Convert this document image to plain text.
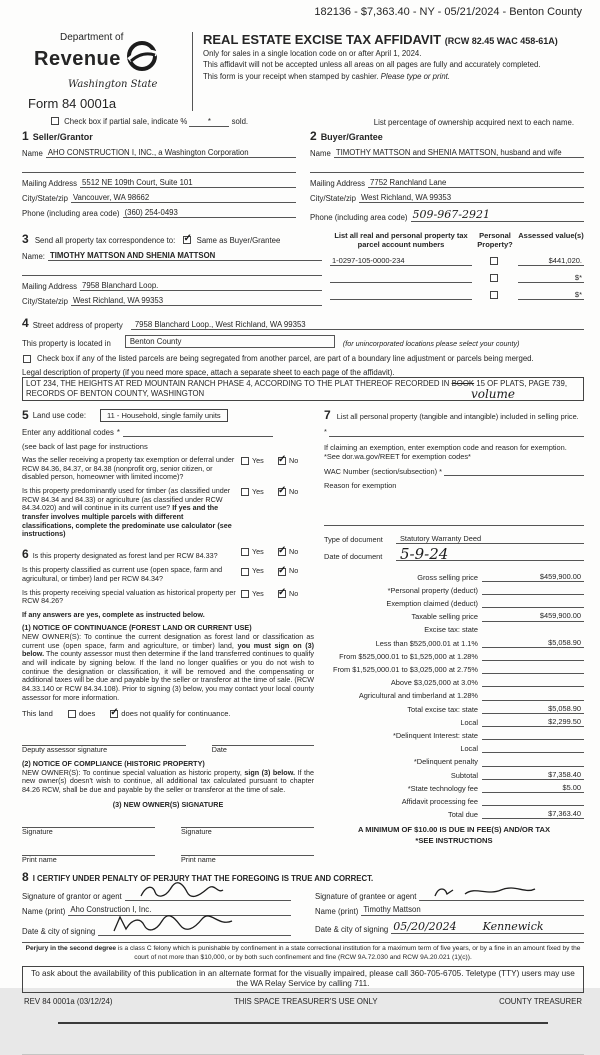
182136 - $7,363.40 - NY - 05/21/2024 - Benton County
Department of
Revenue
Washington State
Form 84 0001a
REAL ESTATE EXCISE TAX AFFIDAVIT (RCW 82.45 WAC 458-61A)
Only for sales in a single location code on or after April 1, 2024.
This affidavit will not be accepted unless all areas on all pages are fully and accurately completed.
This form is your receipt when stamped by cashier. Please type or print.
Check box if partial sale, indicate %	*	sold.	List percentage of ownership acquired next to each name.
1 Seller/Grantor
Name AHO CONSTRUCTION I, INC., a Washington Corporation
Mailing Address 5512 NE 109th Court, Suite 101
City/State/zip Vancouver, WA 98662
Phone (including area code) (360) 254-0493
2 Buyer/Grantee
Name TIMOTHY MATTSON and SHENIA MATTSON, husband and wife
Mailing Address 7752 Ranchland Lane
City/State/zip West Richland, WA 99353
Phone (including area code) 509-967-2921
3 Send all property tax correspondence to: ✓	Same as Buyer/Grantee
Name: TIMOTHY MATTSON AND SHENIA MATTSON
Mailing Address 7958 Blanchard Loop.
City/State/zip West Richland, WA 99353
List all real and personal property tax parcel account numbers
Personal Property?
Assessed value(s)
1-0297-105-0000-234	$441,020.
$*
$*
4 Street address of property	7958 Blanchard Loop., West Richland, WA 99353
This property is located in	Benton County	(for unincorporated locations please select your county)
Check box if any of the listed parcels are being segregated from another parcel, are part of a boundary line adjustment or parcels being merged.
Legal description of property (if you need more space, attach a separate sheet to each page of the affidavit).
LOT 234, THE HEIGHTS AT RED MOUNTAIN RANCH PHASE 4, ACCORDING TO THE PLAT THEREOF RECORDED IN BOOK 15 OF PLATS, PAGE 739, RECORDS OF BENTON COUNTY, WASHINGTON	volume
5 Land use code:	11 - Household, single family units
Enter any additional codes *
(see back of last page for instructions
Was the seller receiving a property tax exemption or deferral under RCW 84.36, 84.37, or 84.38 (nonprofit org, senior citizen, or disabled person, homeowner with limited income)?
Yes ✓	No
Is this property predominantly used for timber (as classified under RCW 84.34 and 84.33) or agriculture (as classified under RCW 84.34.020) and will continue in its current use? If yes and the transfer involves multiple parcels with different classifications, complete the predominate use calculator (see instructions)
Yes ✓	No
6 Is this property designated as forest land per RCW 84.33?	Yes ✓	No
Is this property classified as current use (open space, farm and agricultural, or timber) land per RCW 84.34?
Yes ✓	No
Is this property receiving special valuation as historical property per RCW 84.26?
Yes ✓	No
If any answers are yes, complete as instructed below.
(1) NOTICE OF CONTINUANCE (FOREST LAND OR CURRENT USE)
NEW OWNER(S): To continue the current designation as forest land or classification as current use (open space, farm and agriculture, or timber) land, you must sign on (3) below. The county assessor must then determine if the land transferred continues to qualify and will indicate by signing below. If the land no longer qualifies or you do not wish to continue the designation or classification, it will be removed and the compensating or additional taxes will be due and payable by the seller or transferor at the time of sale. (RCW 84.33.140 or RCW 84.34.108). Prior to signing (3) below, you may contact your local county assessor for more information.
This land	does ✓	does not qualify for continuance.
Deputy assessor signature	Date
(2) NOTICE OF COMPLIANCE (HISTORIC PROPERTY)
NEW OWNER(S): To continue special valuation as historic property, sign (3) below. If the new owner(s) doesn't wish to continue, all additional tax calculated pursuant to chapter 84.26 RCW, shall be due and payable by the seller or transferor at the time of sale.
(3) NEW OWNER(S) SIGNATURE
Signature	Signature
Print name	Print name
7 List all personal property (tangible and intangible) included in selling price.
*
If claiming an exemption, enter exemption code and reason for exemption. *See dor.wa.gov/REET for exemption codes*
WAC Number (section/subsection) *
Reason for exemption
Type of document	Statutory Warranty Deed
Date of document	5-9-24
Gross selling price	$459,900.00
*Personal property (deduct)
Exemption claimed (deduct)
Taxable selling price	$459,900.00
Excise tax: state
Less than $525,000.01 at 1.1%	$5,058.90
From $525,000.01 to $1,525,000 at 1.28%
From $1,525,000.01 to $3,025,000 at 2.75%
Above $3,025,000 at 3.0%
Agricultural and timberland at 1.28%
Total excise tax: state	$5,058.90
Local	$2,299.50
*Delinquent Interest: state
Local
*Delinquent penalty
Subtotal	$7,358.40
*State technology fee	$5.00
Affidavit processing fee
Total due	$7,363.40
A MINIMUM OF $10.00 IS DUE IN FEE(S) AND/OR TAX
*SEE INSTRUCTIONS
8 I CERTIFY UNDER PENALTY OF PERJURY THAT THE FOREGOING IS TRUE AND CORRECT.
Signature of grantor or agent
Name (print) Aho Construction I, Inc.
Date & city of signing
Signature of grantee or agent
Name (print) Timothy Mattson
Date & city of signing 05/20/2024 Kennewick
Perjury in the second degree is a class C felony which is punishable by confinement in a state correctional institution for a maximum term of five years, or by a fine in an amount fixed by the court of not more than $10,000, or by both such confinement and fine (RCW 9A.72.030 and RCW 9A.20.021 (1)(c)).
To ask about the availability of this publication in an alternate format for the visually impaired, please call 360-705-6705. Teletype (TTY) users may use the WA Relay Service by calling 711.
REV 84 0001a (03/12/24)	THIS SPACE TREASURER'S USE ONLY	COUNTY TREASURER
